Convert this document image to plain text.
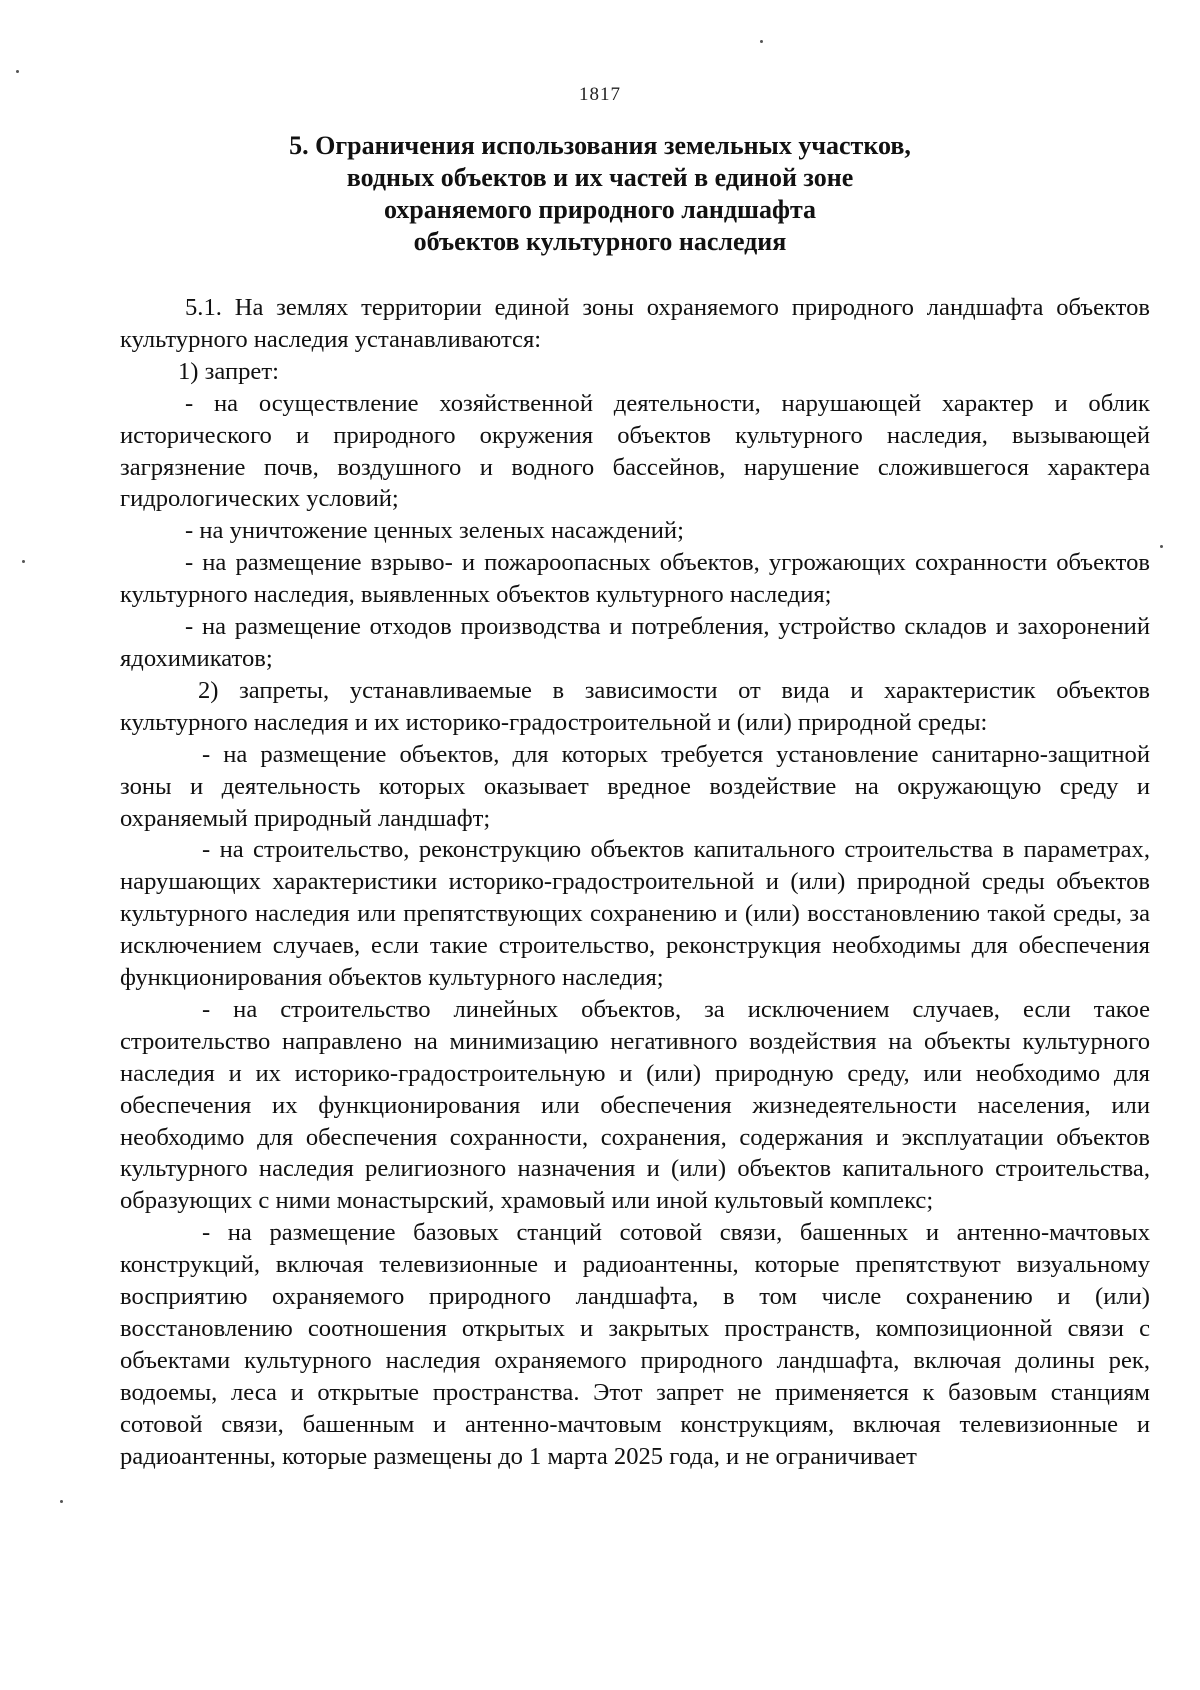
1817
5. Ограничения использования земельных участков,
водных объектов и их частей в единой зоне
охраняемого природного ландшафта
объектов культурного наследия

5.1. На землях территории единой зоны охраняемого природного ландшафта объектов культурного наследия устанавливаются:

1) запрет:

- на осуществление хозяйственной деятельности, нарушающей характер и облик исторического и природного окружения объектов культурного наследия, вызывающей загрязнение почв, воздушного и водного бассейнов, нарушение сложившегося характера гидрологических условий;

- на уничтожение ценных зеленых насаждений;

- на размещение взрыво- и пожароопасных объектов, угрожающих сохранности объектов культурного наследия, выявленных объектов культурного наследия;

- на размещение отходов производства и потребления, устройство складов и захоронений ядохимикатов;

2) запреты, устанавливаемые в зависимости от вида и характеристик объектов культурного наследия и их историко-градостроительной и (или) природной среды:

- на размещение объектов, для которых требуется установление санитарно-защитной зоны и деятельность которых оказывает вредное воздействие на окружающую среду и охраняемый природный ландшафт;

- на строительство, реконструкцию объектов капитального строительства в параметрах, нарушающих характеристики историко-градостроительной и (или) природной среды объектов культурного наследия или препятствующих сохранению и (или) восстановлению такой среды, за исключением случаев, если такие строительство, реконструкция необходимы для обеспечения функционирования объектов культурного наследия;

- на строительство линейных объектов, за исключением случаев, если такое строительство направлено на минимизацию негативного воздействия на объекты культурного наследия и их историко-градостроительную и (или) природную среду, или необходимо для обеспечения их функционирования или обеспечения жизнедеятельности населения, или необходимо для обеспечения сохранности, сохранения, содержания и эксплуатации объектов культурного наследия религиозного назначения и (или) объектов капитального строительства, образующих с ними монастырский, храмовый или иной культовый комплекс;

- на размещение базовых станций сотовой связи, башенных и антенно-мачтовых конструкций, включая телевизионные и радиоантенны, которые препятствуют визуальному восприятию охраняемого природного ландшафта, в том числе сохранению и (или) восстановлению соотношения открытых и закрытых пространств, композиционной связи с объектами культурного наследия охраняемого природного ландшафта, включая долины рек, водоемы, леса и открытые пространства. Этот запрет не применяется к базовым станциям сотовой связи, башенным и антенно-мачтовым конструкциям, включая телевизионные и радиоантенны, которые размещены до 1 марта 2025 года, и не ограничивает
